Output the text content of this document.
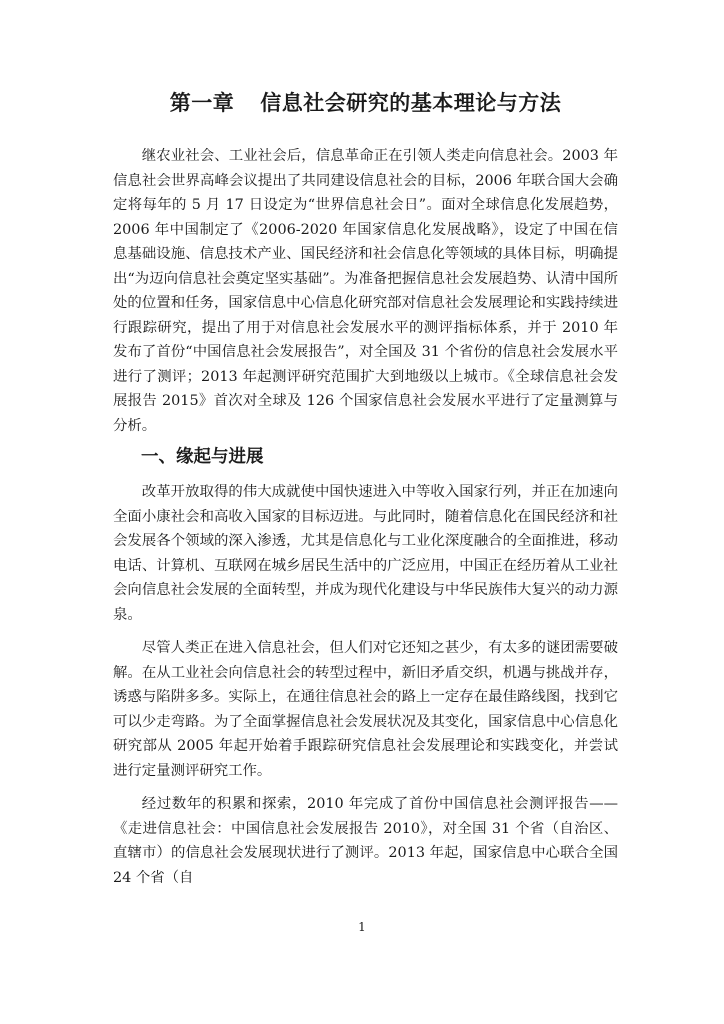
第一章 信息社会研究的基本理论与方法

继农业社会、工业社会后，信息革命正在引领人类走向信息社会。2003 年信息社会世界高峰会议提出了共同建设信息社会的目标，2006 年联合国大会确定将每年的 5 月 17 日设定为“世界信息社会日”。面对全球信息化发展趋势，2006 年中国制定了《2006-2020 年国家信息化发展战略》，设定了中国在信息基础设施、信息技术产业、国民经济和社会信息化等领域的具体目标，明确提出“为迈向信息社会奠定坚实基础”。为准备把握信息社会发展趋势、认清中国所处的位置和任务，国家信息中心信息化研究部对信息社会发展理论和实践持续进行跟踪研究，提出了用于对信息社会发展水平的测评指标体系，并于 2010 年发布了首份“中国信息社会发展报告”，对全国及 31 个省份的信息社会发展水平进行了测评；2013 年起测评研究范围扩大到地级以上城市。《全球信息社会发展报告 2015》首次对全球及 126 个国家信息社会发展水平进行了定量测算与分析。

一、缘起与进展

改革开放取得的伟大成就使中国快速进入中等收入国家行列，并正在加速向全面小康社会和高收入国家的目标迈进。与此同时，随着信息化在国民经济和社会发展各个领域的深入渗透，尤其是信息化与工业化深度融合的全面推进，移动电话、计算机、互联网在城乡居民生活中的广泛应用，中国正在经历着从工业社会向信息社会发展的全面转型，并成为现代化建设与中华民族伟大复兴的动力源泉。

尽管人类正在进入信息社会，但人们对它还知之甚少，有太多的谜团需要破解。在从工业社会向信息社会的转型过程中，新旧矛盾交织，机遇与挑战并存，诱惑与陷阱多多。实际上，在通往信息社会的路上一定存在最佳路线图，找到它可以少走弯路。为了全面掌握信息社会发展状况及其变化，国家信息中心信息化研究部从 2005 年起开始着手跟踪研究信息社会发展理论和实践变化，并尝试进行定量测评研究工作。

经过数年的积累和探索，2010 年完成了首份中国信息社会测评报告——《走进信息社会：中国信息社会发展报告 2010》，对全国 31 个省（自治区、直辖市）的信息社会发展现状进行了测评。2013 年起，国家信息中心联合全国 24 个省（自

1
